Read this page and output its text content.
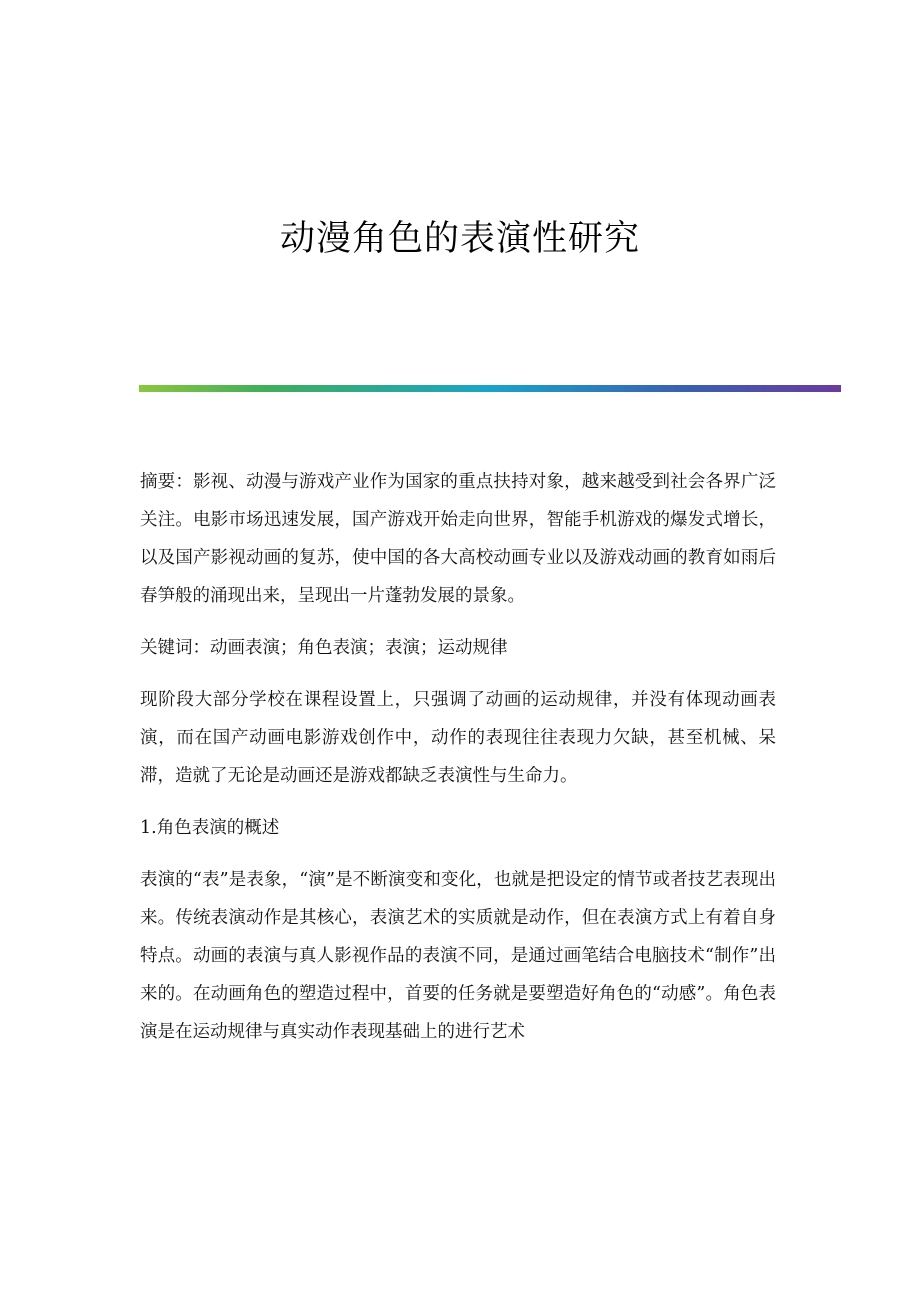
动漫角色的表演性研究

摘要：影视、动漫与游戏产业作为国家的重点扶持对象，越来越受到社会各界广泛关注。电影市场迅速发展，国产游戏开始走向世界，智能手机游戏的爆发式增长，以及国产影视动画的复苏，使中国的各大高校动画专业以及游戏动画的教育如雨后春笋般的涌现出来，呈现出一片蓬勃发展的景象。

关键词：动画表演；角色表演；表演；运动规律

现阶段大部分学校在课程设置上，只强调了动画的运动规律，并没有体现动画表演，而在国产动画电影游戏创作中，动作的表现往往表现力欠缺，甚至机械、呆滞，造就了无论是动画还是游戏都缺乏表演性与生命力。

1.角色表演的概述

表演的“表”是表象，“演”是不断演变和变化，也就是把设定的情节或者技艺表现出来。传统表演动作是其核心，表演艺术的实质就是动作，但在表演方式上有着自身特点。动画的表演与真人影视作品的表演不同，是通过画笔结合电脑技术“制作”出来的。在动画角色的塑造过程中，首要的任务就是要塑造好角色的“动感”。角色表演是在运动规律与真实动作表现基础上的进行艺术
